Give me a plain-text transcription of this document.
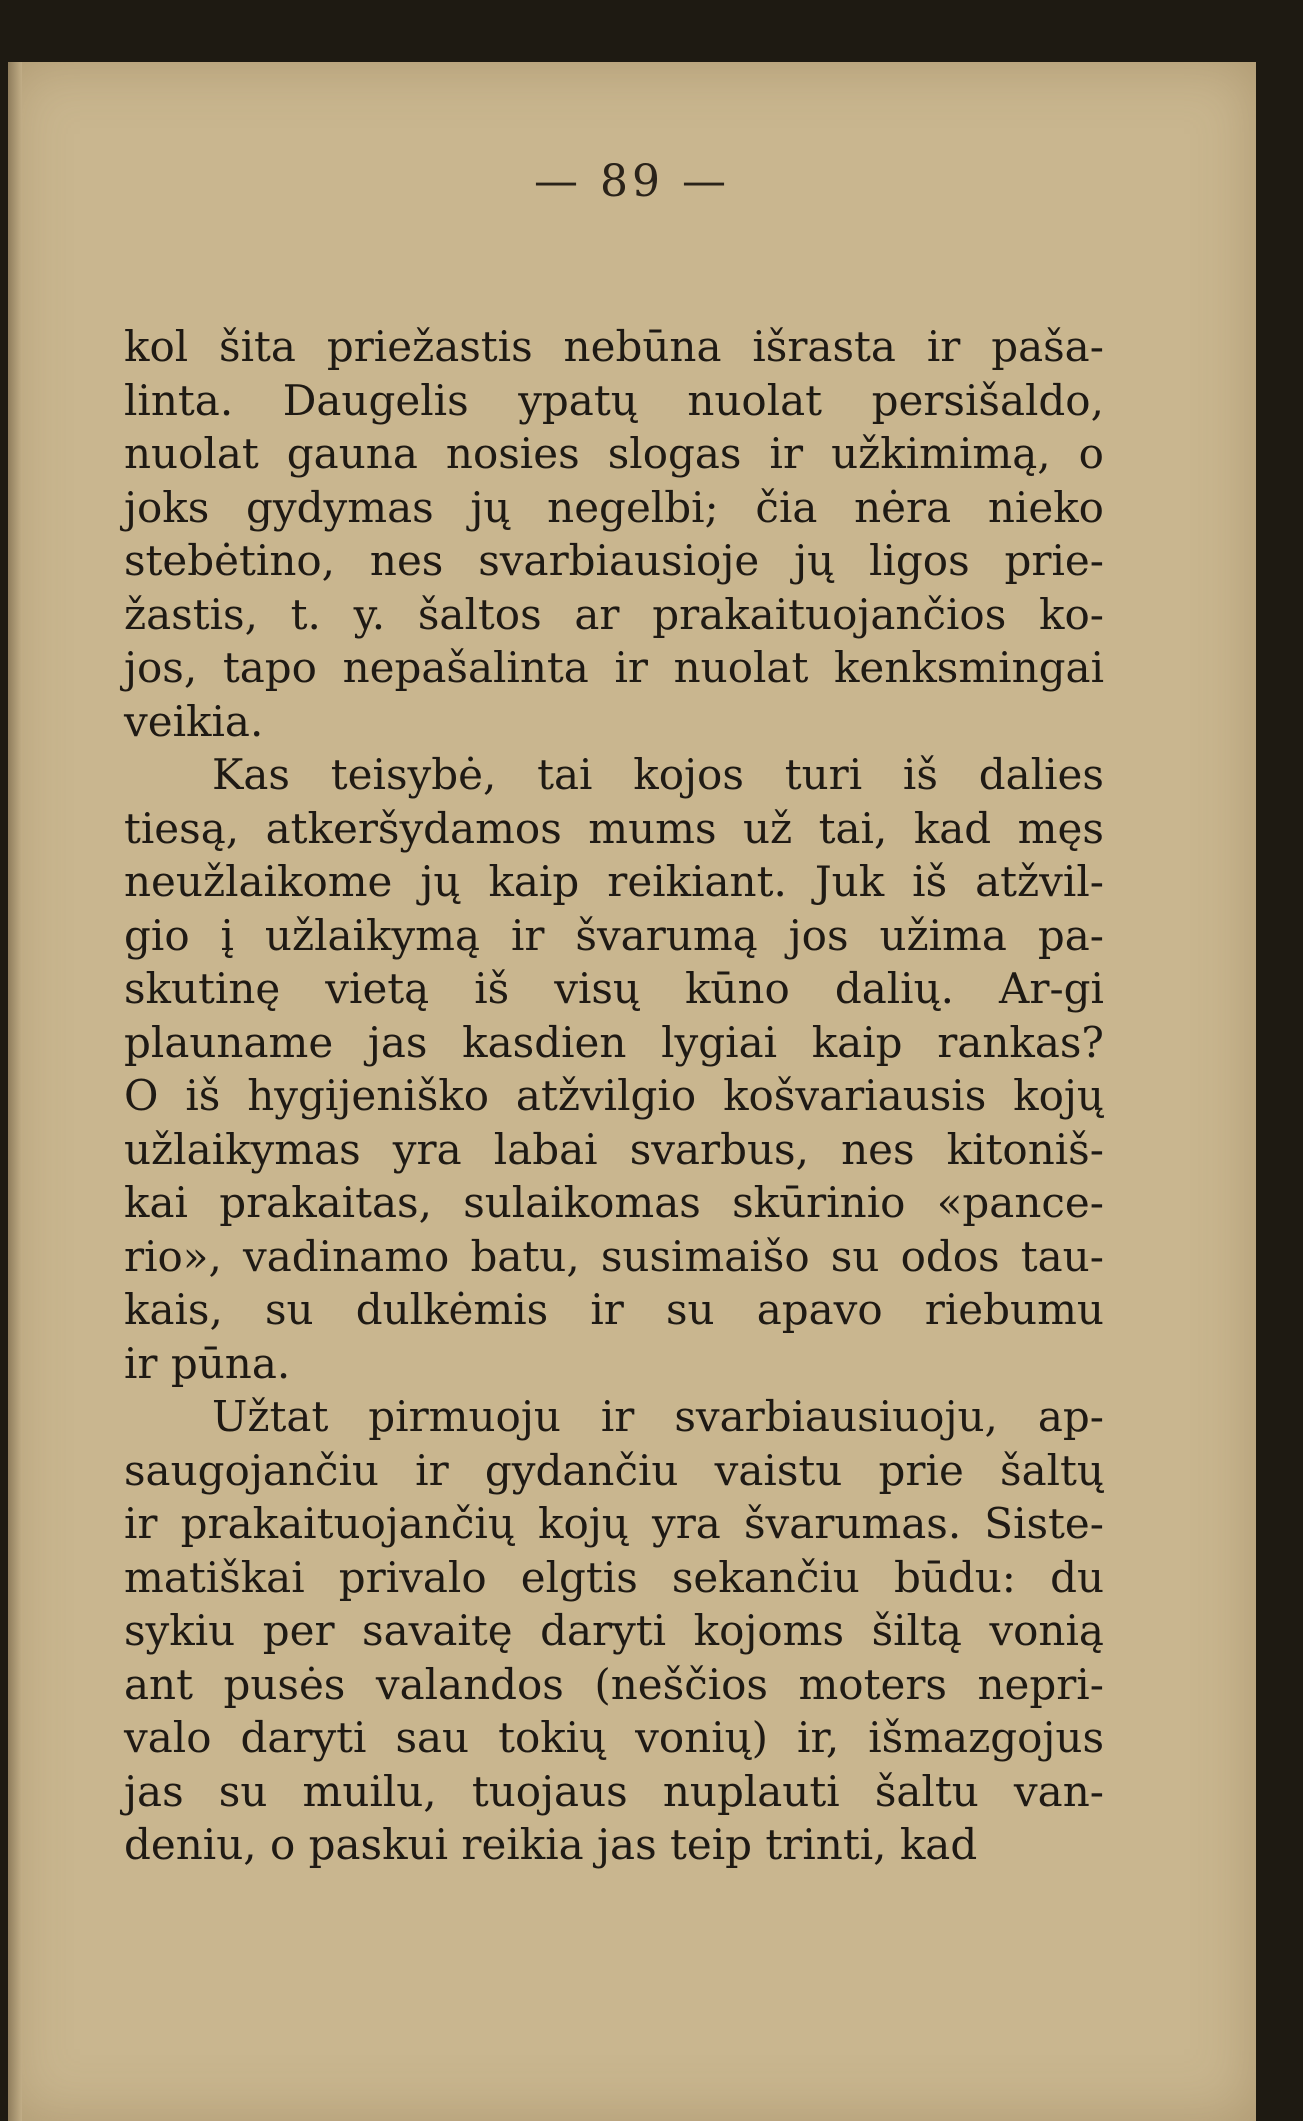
— 89 —
kol šita priežastis nebūna išrasta ir paša-
linta. Daugelis ypatų nuolat persišaldo,
nuolat gauna nosies slogas ir užkimimą, o
joks gydymas jų negelbi; čia nėra nieko
stebėtino, nes svarbiausioje jų ligos prie-
žastis, t. y. šaltos ar prakaituojančios ko-
jos, tapo nepašalinta ir nuolat kenksmingai
veikia.
Kas teisybė, tai kojos turi iš dalies
tiesą, atkeršydamos mums už tai, kad męs
neužlaikome jų kaip reikiant. Juk iš atžvil-
gio į užlaikymą ir švarumą jos užima pa-
skutinę vietą iš visų kūno dalių. Ar-gi
plauname jas kasdien lygiai kaip rankas?
O iš hygijeniško atžvilgio košvariausis kojų
užlaikymas yra labai svarbus, nes kitoniš-
kai prakaitas, sulaikomas skūrinio «pance-
rio», vadinamo batu, susimaišo su odos tau-
kais, su dulkėmis ir su apavo riebumu
ir pūna.
Užtat pirmuoju ir svarbiausiuoju, ap-
saugojančiu ir gydančiu vaistu prie šaltų
ir prakaituojančių kojų yra švarumas. Siste-
matiškai privalo elgtis sekančiu būdu: du
sykiu per savaitę daryti kojoms šiltą vonią
ant pusės valandos (neščios moters nepri-
valo daryti sau tokių vonių) ir, išmazgojus
jas su muilu, tuojaus nuplauti šaltu van-
deniu, o paskui reikia jas teip trinti, kad
